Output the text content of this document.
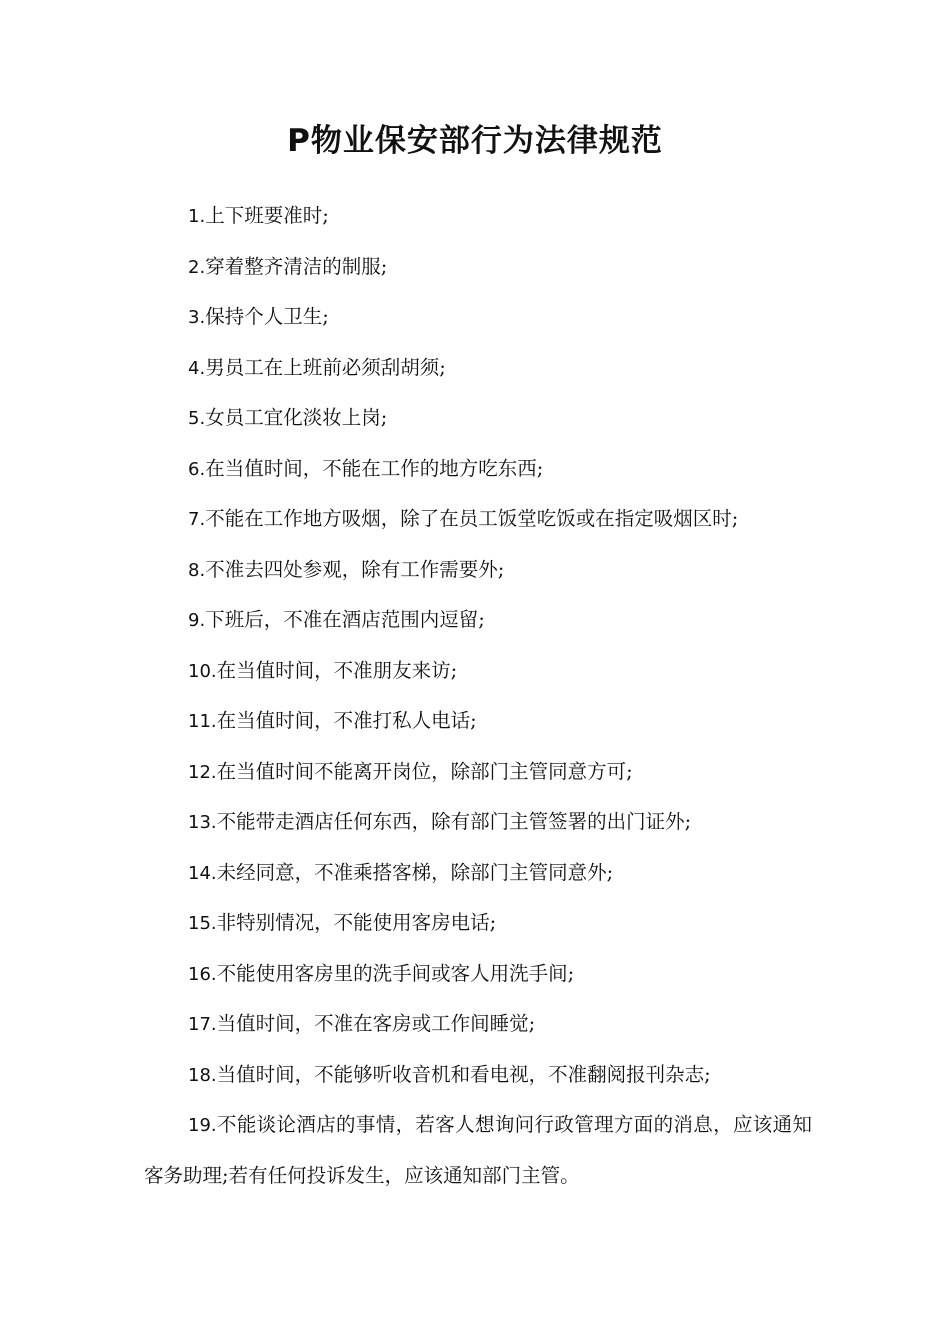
P物业保安部行为法律规范

1.上下班要准时;

2.穿着整齐清洁的制服;

3.保持个人卫生;

4.男员工在上班前必须刮胡须;

5.女员工宜化淡妆上岗;

6.在当值时间，不能在工作的地方吃东西;

7.不能在工作地方吸烟，除了在员工饭堂吃饭或在指定吸烟区时;

8.不准去四处参观，除有工作需要外;

9.下班后，不准在酒店范围内逗留;

10.在当值时间，不准朋友来访;

11.在当值时间，不准打私人电话;

12.在当值时间不能离开岗位，除部门主管同意方可;

13.不能带走酒店任何东西，除有部门主管签署的出门证外;

14.未经同意，不准乘搭客梯，除部门主管同意外;

15.非特别情况，不能使用客房电话;

16.不能使用客房里的洗手间或客人用洗手间;

17.当值时间，不准在客房或工作间睡觉;

18.当值时间，不能够听收音机和看电视，不准翻阅报刊杂志;

19.不能谈论酒店的事情，若客人想询问行政管理方面的消息，应该通知客务助理;若有任何投诉发生，应该通知部门主管。
